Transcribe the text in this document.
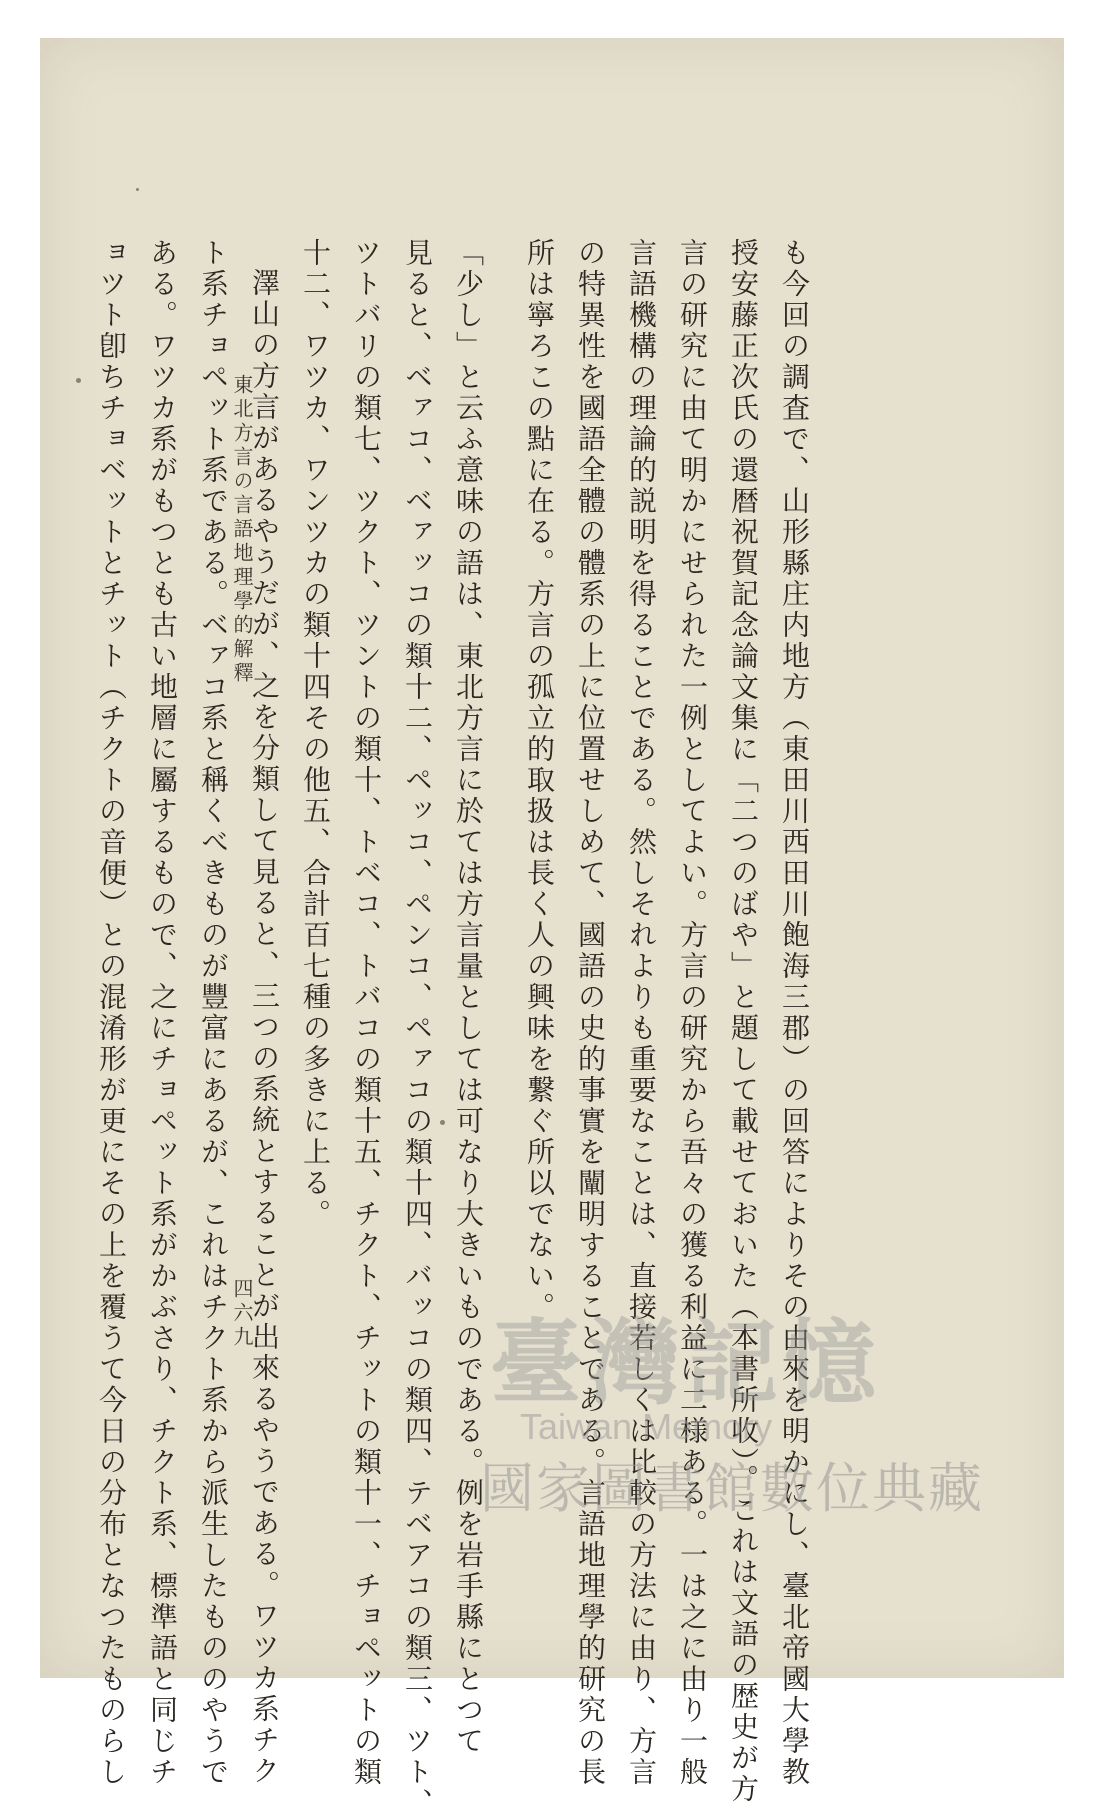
も今回の調査で、山形縣庄内地方（東田川西田川飽海三郡）の回答によりその由來を明かにし、臺北帝國大學教
授安藤正次氏の還暦祝賀記念論文集に「二つのばや」と題して載せておいた（本書所收）。これは文語の歴史が方
言の研究に由て明かにせられた一例としてよい。方言の研究から吾々の獲る利益に二様ある。一は之に由り一般
言語機構の理論的説明を得ることである。然しそれよりも重要なことは、直接若しくは比較の方法に由り、方言
の特異性を國語全體の體系の上に位置せしめて、國語の史的事實を闡明することである。言語地理學的研究の長
所は寧ろこの點に在る。方言の孤立的取扱は長く人の興味を繋ぐ所以でない。
「少し」と云ふ意味の語は、東北方言に於ては方言量としては可なり大きいものである。例を岩手縣にとつて
見ると、ベァコ、ベァッコの類十二、ペッコ、ペンコ、ペァコの類十四、バッコの類四、テベアコの類三、ツト、
ツトバリの類七、ツクト、ツントの類十、トベコ、トバコの類十五、チクト、チットの類十一、チョペットの類
十二、ワツカ、ワンツカの類十四その他五、合計百七種の多きに上る。
澤山の方言があるやうだが、之を分類して見ると、三つの系統とすることが出來るやうである。ワツカ系チク
ト系チョペット系である。ベァコ系と稱くべきものが豐富にあるが、これはチクト系から派生したもののやうで
ある。ワツカ系がもつとも古い地層に屬するもので、之にチョペット系がかぶさり、チクト系、標準語と同じチ
ョツト卽ちチョベットとチット（チクトの音便）との混淆形が更にその上を覆うて今日の分布となつたものらし	東北方言の言語地理學的解釋
四六九	臺灣記憶
Taiwan Memory
國家圖書館數位典藏
